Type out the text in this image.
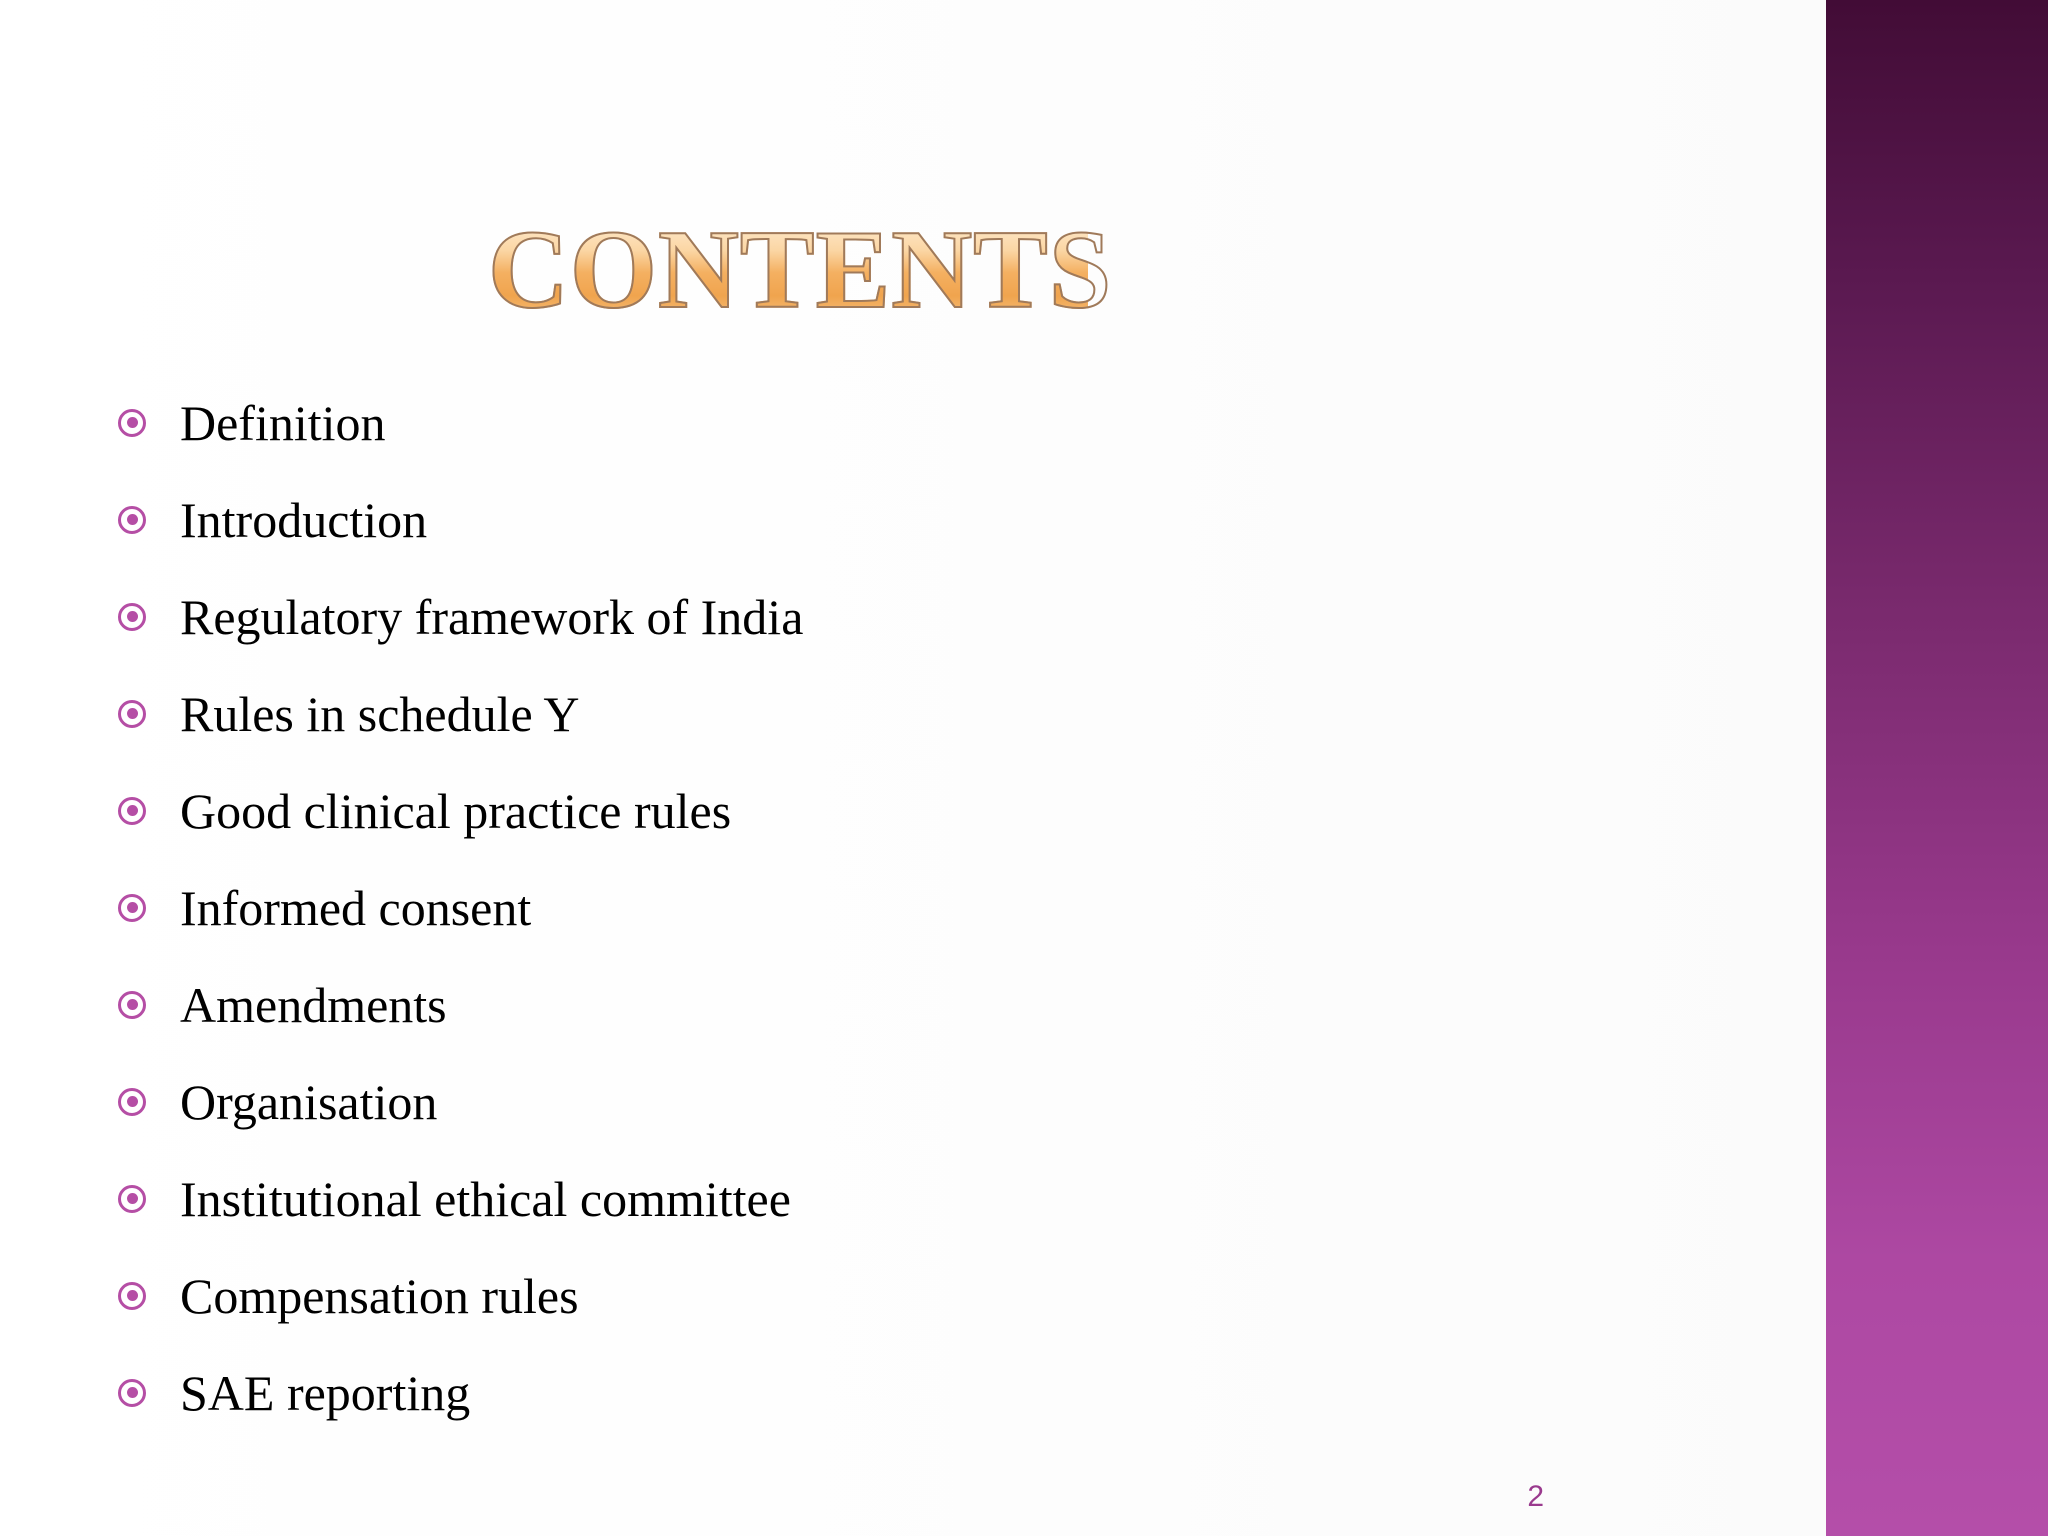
CONTENTS
Definition
Introduction
Regulatory framework of India
Rules in schedule Y
Good clinical practice rules
Informed consent
Amendments
Organisation
Institutional ethical committee
Compensation rules
SAE reporting
2
